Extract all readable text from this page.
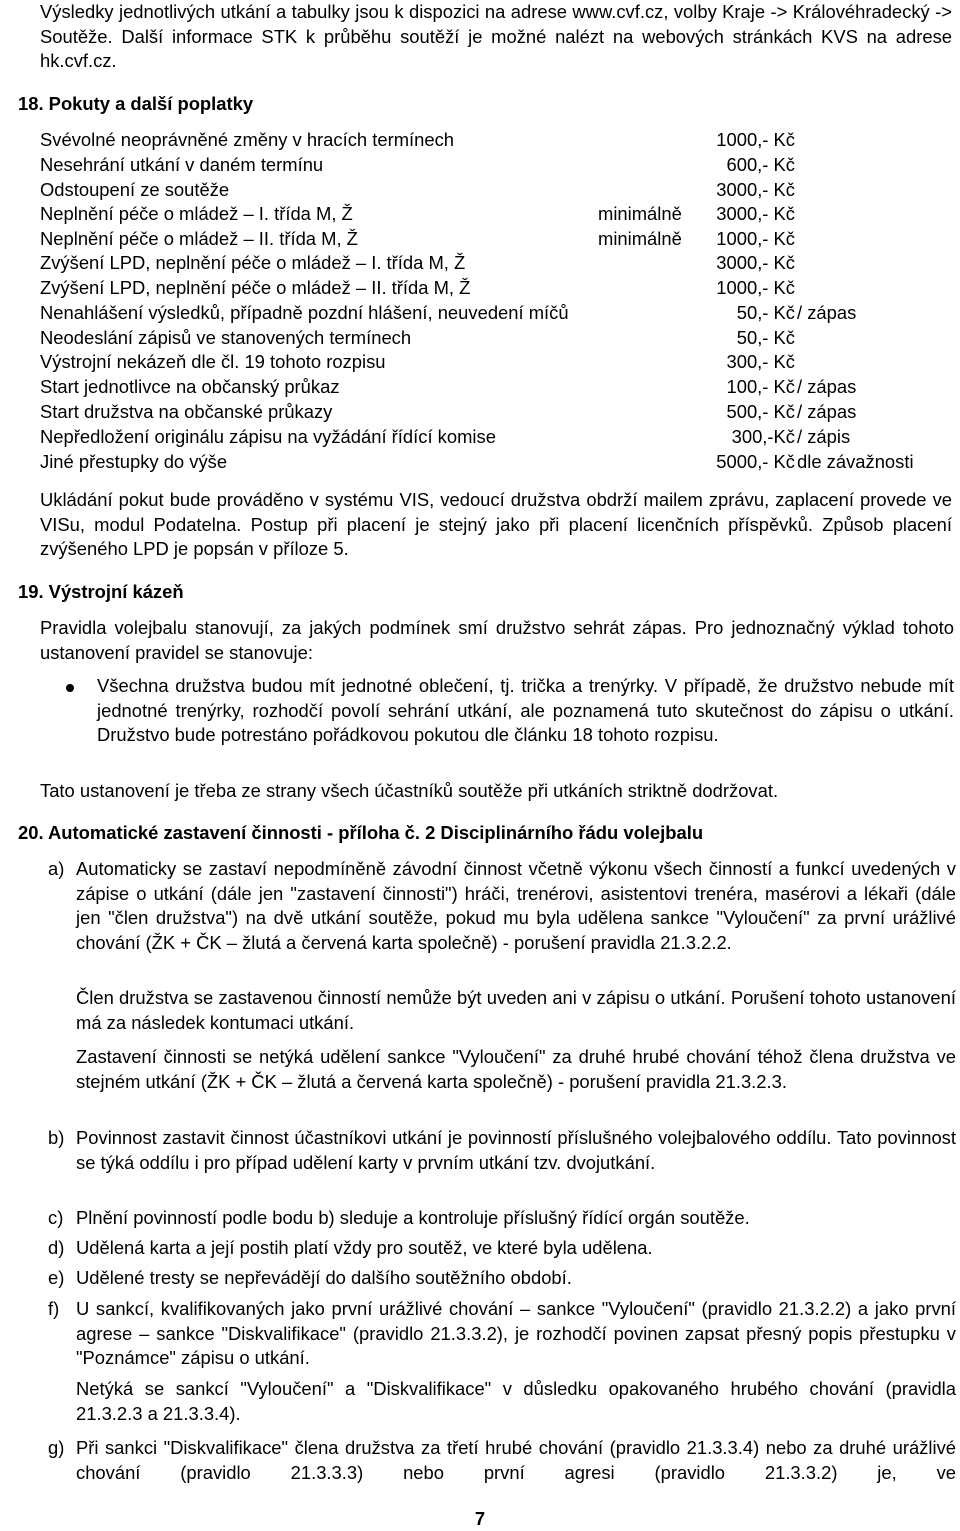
Výsledky jednotlivých utkání a tabulky jsou k dispozici na adrese www.cvf.cz, volby Kraje -> Královéhradecký -> Soutěže. Další informace STK k průběhu soutěží je možné nalézt na webových stránkách KVS na adrese hk.cvf.cz.
18. Pokuty a další poplatky
Svévolné neoprávněné změny v hracích termínech	1000,- Kč
Nesehrání utkání v daném termínu	600,- Kč
Odstoupení ze soutěže	3000,- Kč
Neplnění péče o mládež – I. třída M, Ž	minimálně 3000,- Kč
Neplnění péče o mládež – II. třída M, Ž	minimálně 1000,- Kč
Zvýšení LPD, neplnění péče o mládež – I. třída M, Ž	3000,- Kč
Zvýšení LPD, neplnění péče o mládež – II. třída M, Ž	1000,- Kč
Nenahlášení výsledků, případně pozdní hlášení, neuvedení míčů	50,- Kč / zápas
Neodeslání zápisů ve stanovených termínech	50,- Kč
Výstrojní nekázeň dle čl. 19 tohoto rozpisu	300,- Kč
Start jednotlivce na občanský průkaz	100,- Kč / zápas
Start družstva na občanské průkazy	500,- Kč / zápas
Nepředložení originálu zápisu na vyžádání řídící komise	300,-Kč / zápis
Jiné přestupky do výše	5000,- Kč dle závažnosti
Ukládání pokut bude prováděno v systému VIS, vedoucí družstva obdrží mailem zprávu, zaplacení provede ve VISu, modul Podatelna. Postup při placení je stejný jako při placení licenčních příspěvků. Způsob placení zvýšeného LPD je popsán v příloze 5.
19. Výstrojní kázeň
Pravidla volejbalu stanovují, za jakých podmínek smí družstvo sehrát zápas. Pro jednoznačný výklad tohoto ustanovení pravidel se stanovuje:
Všechna družstva budou mít jednotné oblečení, tj. trička a trenýrky. V případě, že družstvo nebude mít jednotné trenýrky, rozhodčí povolí sehrání utkání, ale poznamená tuto skutečnost do zápisu o utkání. Družstvo bude potrestáno pořádkovou pokutou dle článku 18 tohoto rozpisu.
Tato ustanovení je třeba ze strany všech účastníků soutěže při utkáních striktně dodržovat.
20. Automatické zastavení činnosti - příloha č. 2 Disciplinárního řádu volejbalu
a) Automaticky se zastaví nepodmíněně závodní činnost včetně výkonu všech činností a funkcí uvedených v zápise o utkání (dále jen "zastavení činnosti") hráči, trenérovi, asistentovi trenéra, masérovi a lékaři (dále jen "člen družstva") na dvě utkání soutěže, pokud mu byla udělena sankce "Vyloučení" za první urážlivé chování (ŽK + ČK – žlutá a červená karta společně) - porušení pravidla 21.3.2.2.
Člen družstva se zastavenou činností nemůže být uveden ani v zápisu o utkání. Porušení tohoto ustanovení má za následek kontumaci utkání.
Zastavení činnosti se netýká udělení sankce "Vyloučení" za druhé hrubé chování téhož člena družstva ve stejném utkání (ŽK + ČK – žlutá a červená karta společně) - porušení pravidla 21.3.2.3.
b) Povinnost zastavit činnost účastníkovi utkání je povinností příslušného volejbalového oddílu. Tato povinnost se týká oddílu i pro případ udělení karty v prvním utkání tzv. dvojutkání.
c) Plnění povinností podle bodu b) sleduje a kontroluje příslušný řídící orgán soutěže.
d) Udělená karta a její postih platí vždy pro soutěž, ve které byla udělena.
e) Udělené tresty se nepřevádějí do dalšího soutěžního období.
f) U sankcí, kvalifikovaných jako první urážlivé chování – sankce "Vyloučení" (pravidlo 21.3.2.2) a jako první agrese – sankce "Diskvalifikace" (pravidlo 21.3.3.2), je rozhodčí povinen zapsat přesný popis přestupku v "Poznámce" zápisu o utkání.
Netýká se sankcí "Vyloučení" a "Diskvalifikace" v důsledku opakovaného hrubého chování (pravidla 21.3.2.3 a 21.3.3.4).
g) Při sankci "Diskvalifikace" člena družstva za třetí hrubé chování (pravidlo 21.3.3.4) nebo za druhé urážlivé chování (pravidlo 21.3.3.3) nebo první agresi (pravidlo 21.3.3.2) je, ve
7
